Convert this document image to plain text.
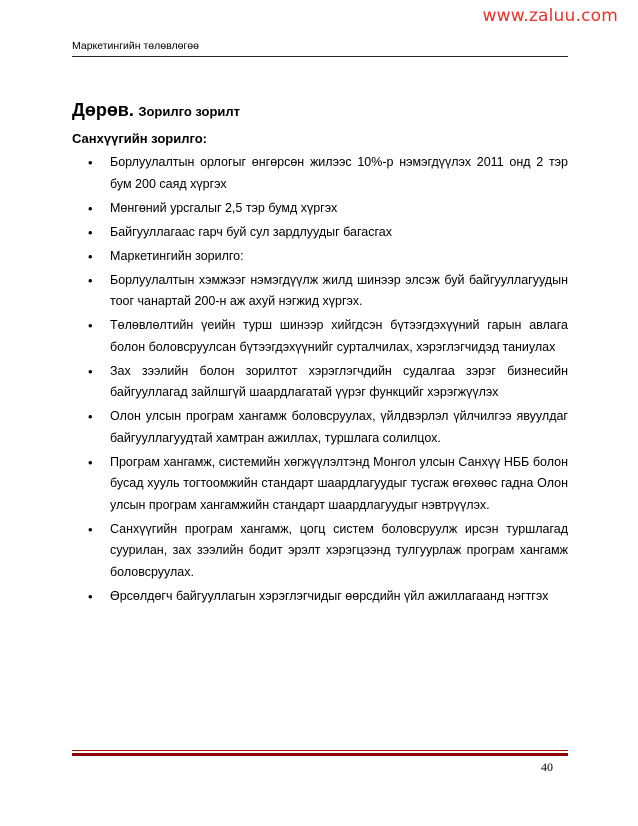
www.zaluu.com
Маркетингийн төлөвлөгөө
Дөрөв. Зорилго зорилт
Санхүүгийн зорилго:
• Борлуулалтын орлогыг өнгөрсөн жилээс 10%-р нэмэгдүүлэх 2011 онд 2 тэр бум 200 саяд хүргэх
• Мөнгөний урсгалыг 2,5 тэр бумд хүргэх
• Байгууллагаас гарч буй сул зардлуудыг багасгах
• Маркетингийн зорилго:
• Борлуулалтын хэмжээг нэмэгдүүлж жилд шинээр элсэж буй байгууллагуудын тоог чанартай 200-н аж ахуй нэгжид хүргэх.
• Төлөвлөлтийн үеийн турш шинээр хийгдсэн бүтээгдэхүүний гарын авлага болон боловсруулсан бүтээгдэхүүнийг сурталчилах, хэрэглэгчидэд таниулах
• Зах зээлийн болон зорилтот хэрэглэгчдийн судалгаа зэрэг бизнесийн байгууллагад зайлшгүй шаардлагатай үүрэг функцийг хэрэгжүүлэх
• Олон улсын програм хангамж боловсруулах, үйлдвэрлэл үйлчилгээ явуулдаг байгууллагуудтай хамтран ажиллах, туршлага солилцох.
• Програм хангамж, системийн хөгжүүлэлтэнд Монгол улсын Санхүү НББ болон бусад хууль тогтоомжийн стандарт шаардлагуудыг тусгаж өгөхөөс гадна Олон улсын програм хангамжийн стандарт шаардлагуудыг нэвтрүүлэх.
• Санхүүгийн програм хангамж, цогц систем боловсруулж ирсэн туршлагад суурилан, зах зээлийн бодит эрэлт хэрэгцээнд тулгуурлаж програм хангамж боловсруулах.
• Өрсөлдөгч байгууллагын хэрэглэгчидыг өөрсдийн үйл ажиллагаанд нэгтгэх
40
